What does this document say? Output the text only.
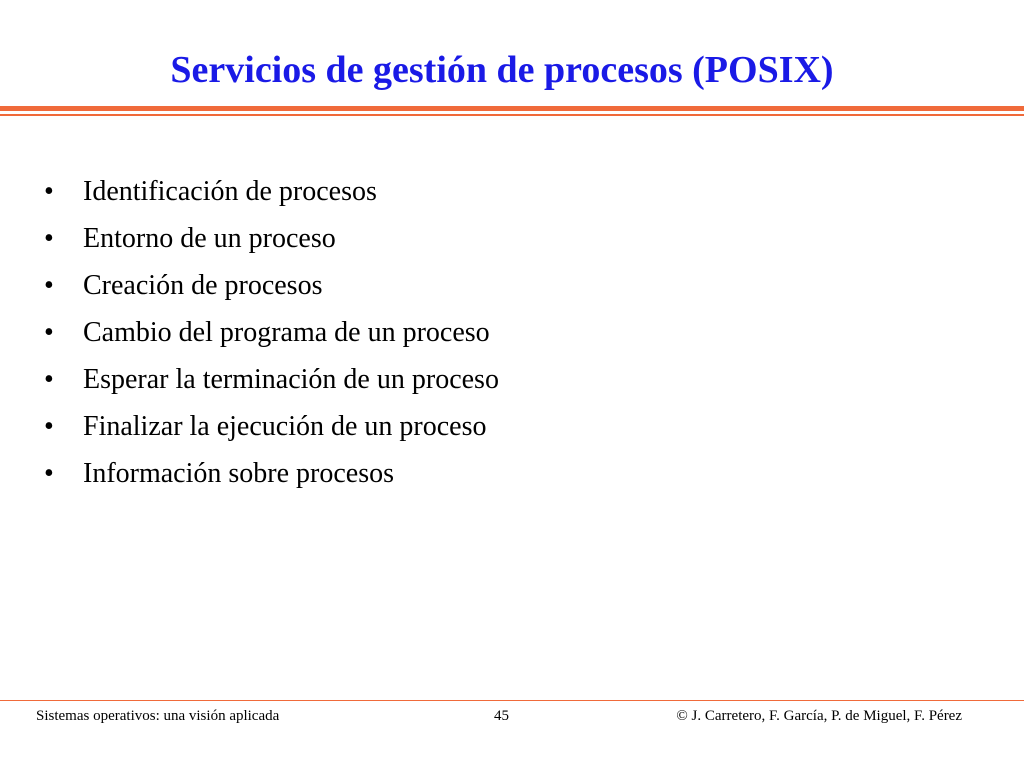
Servicios de gestión de procesos (POSIX)
•	Identificación de procesos
•	Entorno de un proceso
•	Creación de procesos
•	Cambio del programa de un proceso
•	Esperar la terminación de un proceso
•	Finalizar la ejecución de un proceso
•	Información sobre procesos
Sistemas operativos: una visión aplicada	45	© J. Carretero, F. García, P. de Miguel, F. Pérez
